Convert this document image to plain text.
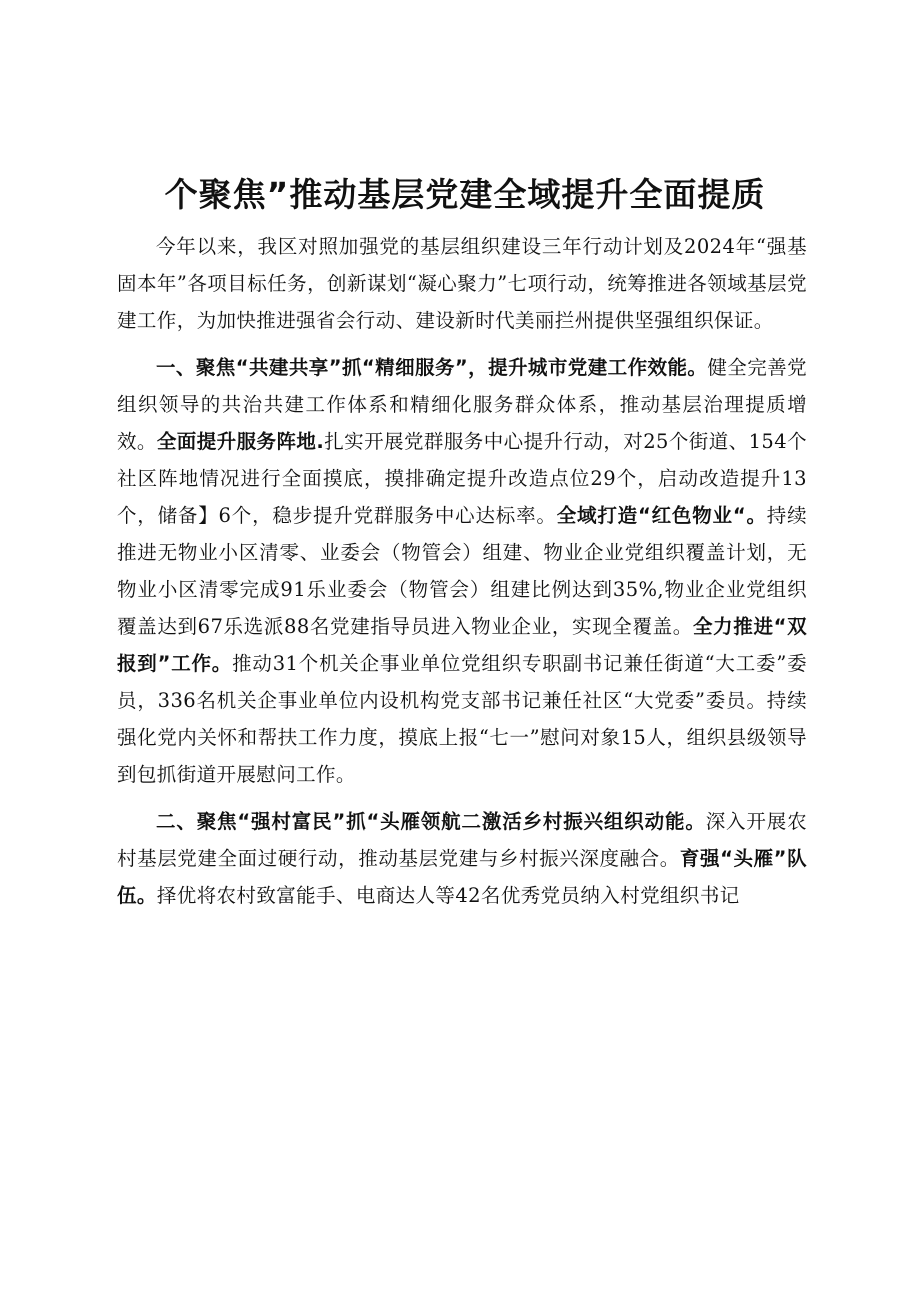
个聚焦”推动基层党建全域提升全面提质

今年以来，我区对照加强党的基层组织建设三年行动计划及2024年“强基固本年”各项目标任务，创新谋划“凝心聚力”七项行动，统筹推进各领域基层党建工作，为加快推进强省会行动、建设新时代美丽拦州提供坚强组织保证。

一、聚焦“共建共享”抓“精细服务”，提升城市党建工作效能。健全完善党组织领导的共治共建工作体系和精细化服务群众体系，推动基层治理提质增效。全面提升服务阵地.扎实开展党群服务中心提升行动，对25个街道、154个社区阵地情况进行全面摸底，摸排确定提升改造点位29个，启动改造提升13个，储备】6个，稳步提升党群服务中心达标率。全域打造“红色物业“。持续推进无物业小区清零、业委会（物管会）组建、物业企业党组织覆盖计划，无物业小区清零完成91乐业委会（物管会）组建比例达到35%,物业企业党组织覆盖达到67乐选派88名党建指导员进入物业企业，实现全覆盖。全力推进“双报到”工作。推动31个机关企事业单位党组织专职副书记兼任街道“大工委”委员，336名机关企事业单位内设机构党支部书记兼任社区“大党委”委员。持续强化党内关怀和帮扶工作力度，摸底上报“七一”慰问对象15人，组织县级领导到包抓街道开展慰问工作。

二、聚焦“强村富民”抓“头雁领航二激活乡村振兴组织动能。深入开展农村基层党建全面过硬行动，推动基层党建与乡村振兴深度融合。育强“头雁”队伍。择优将农村致富能手、电商达人等42名优秀党员纳入村党组织书记
